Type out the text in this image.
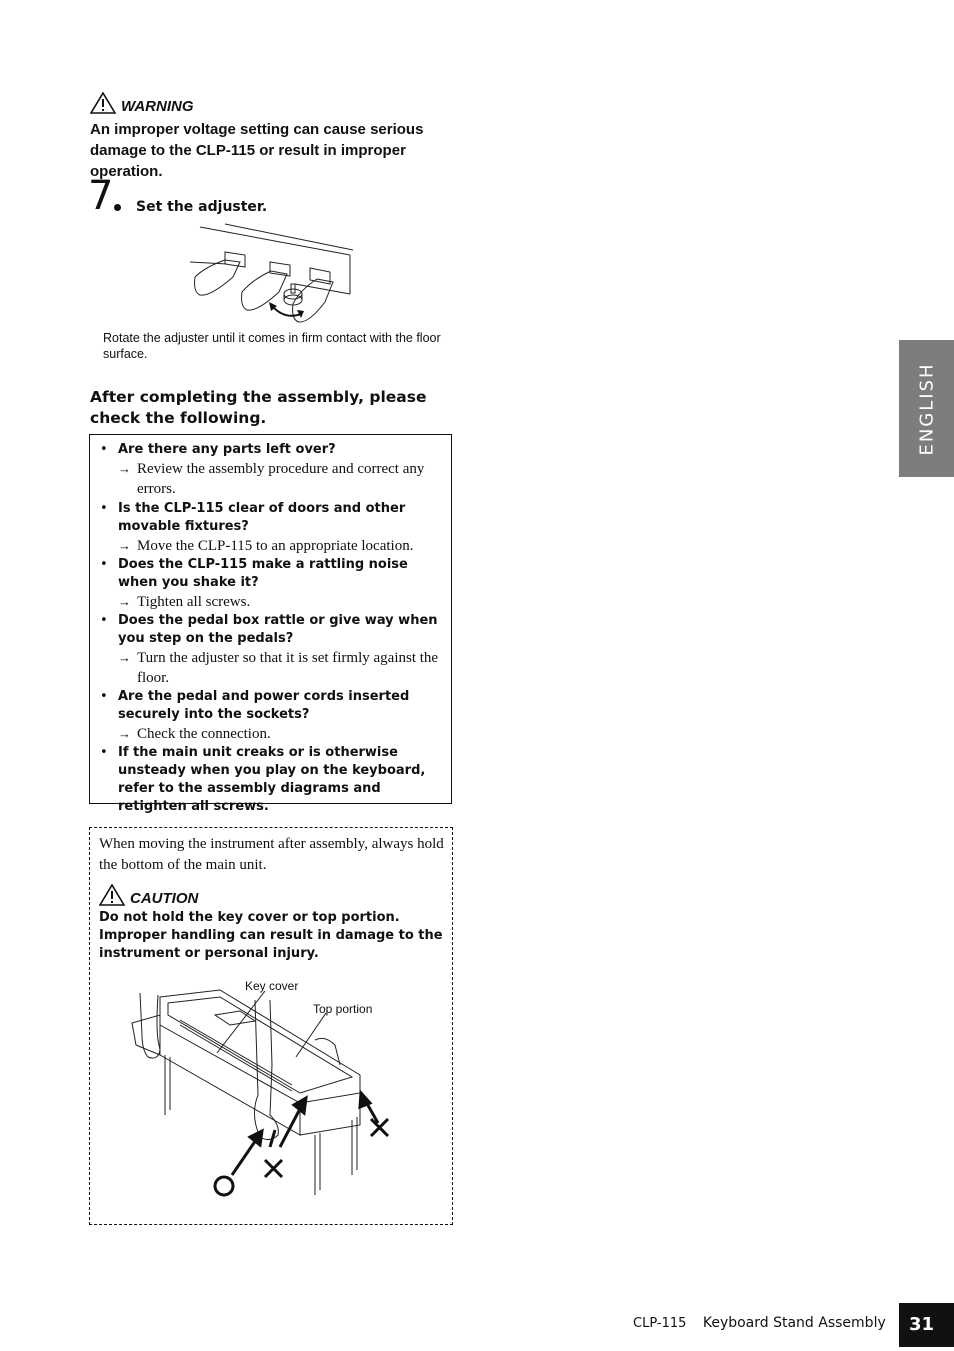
WARNING
An improper voltage setting can cause serious damage to the CLP-115 or result in improper operation.
7 Set the adjuster.
Rotate the adjuster until it comes in firm contact with the floor surface.
After completing the assembly, please check the following.
• Are there any parts left over?
→ Review the assembly procedure and correct any errors.
• Is the CLP-115 clear of doors and other movable fixtures?
→ Move the CLP-115 to an appropriate location.
• Does the CLP-115 make a rattling noise when you shake it?
→ Tighten all screws.
• Does the pedal box rattle or give way when you step on the pedals?
→ Turn the adjuster so that it is set firmly against the floor.
• Are the pedal and power cords inserted securely into the sockets?
→ Check the connection.
• If the main unit creaks or is otherwise unsteady when you play on the keyboard, refer to the assembly diagrams and retighten all screws.
When moving the instrument after assembly, always hold the bottom of the main unit.
CAUTION
Do not hold the key cover or top portion. Improper handling can result in damage to the instrument or personal injury.
Key cover
Top portion
ENGLISH
CLP-115 Keyboard Stand Assembly	31
